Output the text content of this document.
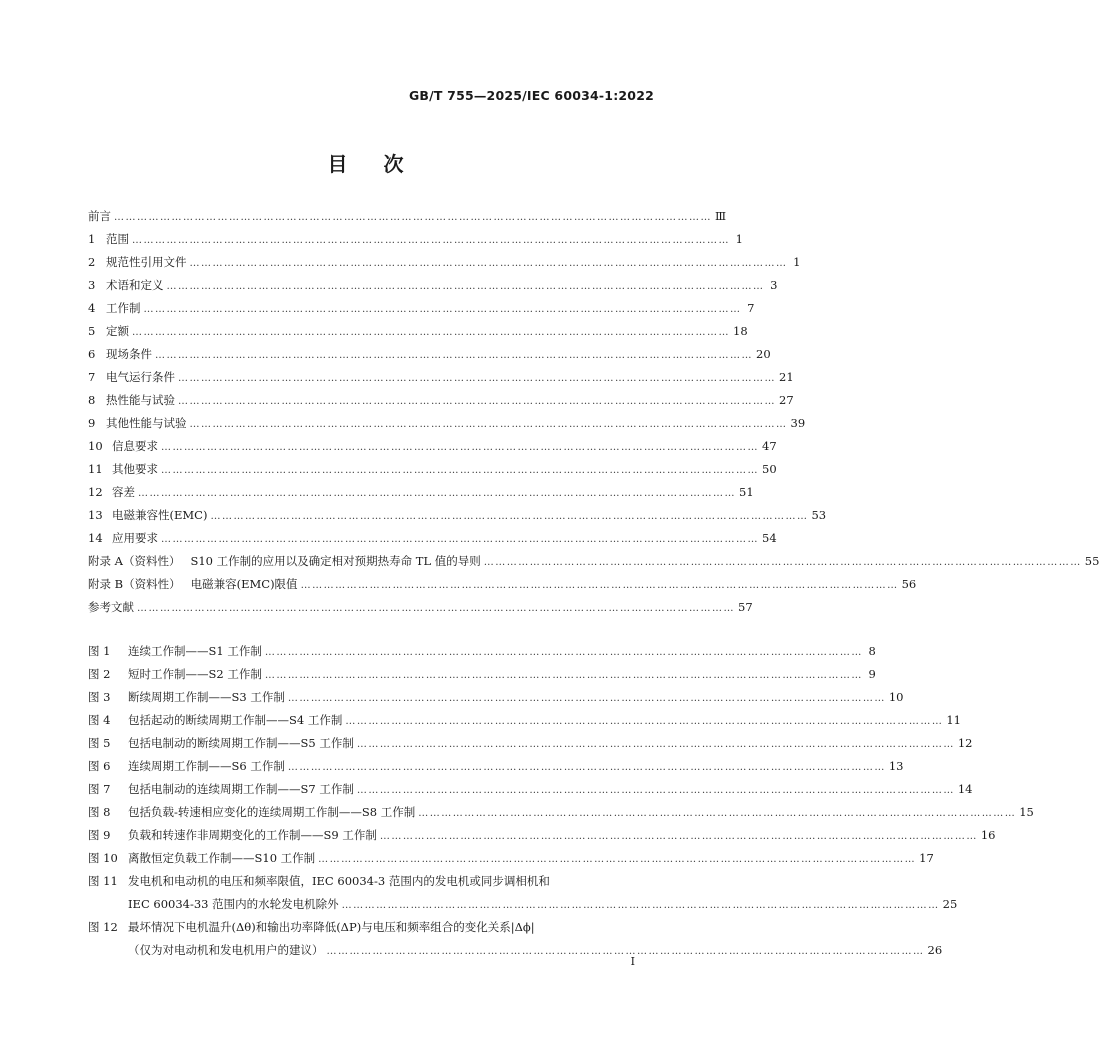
GB/T 755—2025/IEC 60034-1:2022
目 次
前言 ………………………………………………………………………………………………………………………………………… Ⅲ
1 范围 ………………………………………………………………………………………………………………………………………… 1
2 规范性引用文件 ………………………………………………………………………………………………………………………………………… 1
3 术语和定义 ………………………………………………………………………………………………………………………………………… 3
4 工作制 ………………………………………………………………………………………………………………………………………… 7
5 定额 ………………………………………………………………………………………………………………………………………… 18
6 现场条件 ………………………………………………………………………………………………………………………………………… 20
7 电气运行条件 ………………………………………………………………………………………………………………………………………… 21
8 热性能与试验 ………………………………………………………………………………………………………………………………………… 27
9 其他性能与试验 ………………………………………………………………………………………………………………………………………… 39
10 信息要求 ………………………………………………………………………………………………………………………………………… 47
11 其他要求 ………………………………………………………………………………………………………………………………………… 50
12 容差 ………………………………………………………………………………………………………………………………………… 51
13 电磁兼容性(EMC) ………………………………………………………………………………………………………………………………………… 53
14 应用要求 ………………………………………………………………………………………………………………………………………… 54
附录 A（资料性） S10 工作制的应用以及确定相对预期热寿命 TL 值的导则 ………………………………………………………………………………………………………………………………………… 55
附录 B（资料性） 电磁兼容(EMC)限值 ………………………………………………………………………………………………………………………………………… 56
参考文献 ………………………………………………………………………………………………………………………………………… 57
图 1	连续工作制——S1 工作制 ………………………………………………………………………………………………………………………………………… 8
图 2	短时工作制——S2 工作制 ………………………………………………………………………………………………………………………………………… 9
图 3	断续周期工作制——S3 工作制 ………………………………………………………………………………………………………………………………………… 10
图 4	包括起动的断续周期工作制——S4 工作制 ………………………………………………………………………………………………………………………………………… 11
图 5	包括电制动的断续周期工作制——S5 工作制 ………………………………………………………………………………………………………………………………………… 12
图 6	连续周期工作制——S6 工作制 ………………………………………………………………………………………………………………………………………… 13
图 7	包括电制动的连续周期工作制——S7 工作制 ………………………………………………………………………………………………………………………………………… 14
图 8	包括负载-转速相应变化的连续周期工作制——S8 工作制 ………………………………………………………………………………………………………………………………………… 15
图 9	负载和转速作非周期变化的工作制——S9 工作制 ………………………………………………………………………………………………………………………………………… 16
图 10 离散恒定负载工作制——S10 工作制 ………………………………………………………………………………………………………………………………………… 17
图 11 发电机和电动机的电压和频率限值，IEC 60034-3 范围内的发电机或同步调相机和
IEC 60034-33 范围内的水轮发电机除外 ………………………………………………………………………………………………………………………………………… 25
图 12 最坏情况下电机温升(Δθ)和输出功率降低(ΔP)与电压和频率组合的变化关系|Δϕ|
（仅为对电动机和发电机用户的建议） ………………………………………………………………………………………………………………………………………… 26
I
